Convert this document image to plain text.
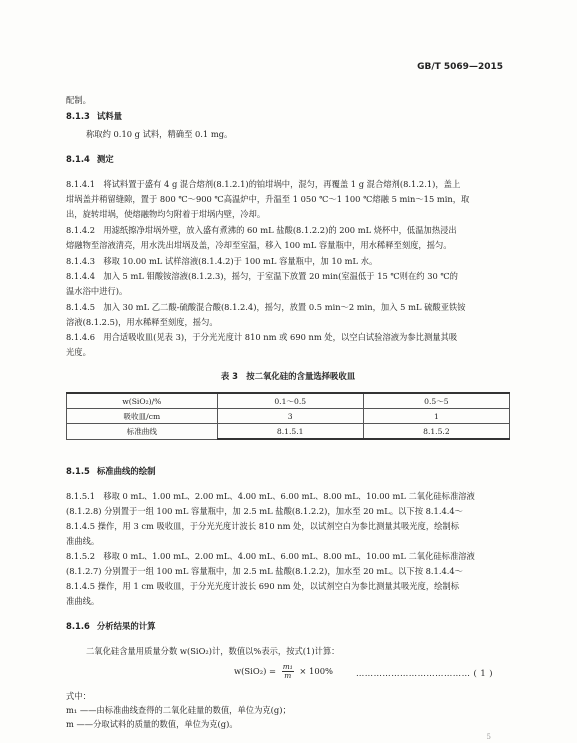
GB/T 5069—2015
配制。
8.1.3 试料量
称取约 0.10 g 试料，精确至 0.1 mg。
8.1.4 测定
8.1.4.1　将试料置于盛有 4 g 混合熔剂(8.1.2.1)的铂坩埚中，混匀，再覆盖 1 g 混合熔剂(8.1.2.1)，盖上
坩埚盖并稍留缝隙，置于 800 ℃～900 ℃高温炉中，升温至 1 050 ℃～1 100 ℃熔融 5 min～15 min，取
出，旋转坩埚，使熔融物均匀附着于坩埚内壁，冷却。
8.1.4.2　用滤纸擦净坩埚外壁，放入盛有煮沸的 60 mL 盐酸(8.1.2.2)的 200 mL 烧杯中，低温加热浸出
熔融物至溶液清亮，用水洗出坩埚及盖，冷却至室温，移入 100 mL 容量瓶中，用水稀释至刻度，摇匀。
8.1.4.3　移取 10.00 mL 试样溶液(8.1.4.2)于 100 mL 容量瓶中，加 10 mL 水。
8.1.4.4　加入 5 mL 钼酸铵溶液(8.1.2.3)，摇匀，于室温下放置 20 min(室温低于 15 ℃则在约 30 ℃的
温水浴中进行)。
8.1.4.5　加入 30 mL 乙二酸-硫酸混合酸(8.1.2.4)，摇匀，放置 0.5 min～2 min，加入 5 mL 硫酸亚铁铵
溶液(8.1.2.5)，用水稀释至刻度，摇匀。
8.1.4.6　用合适吸收皿(见表 3)，于分光光度计 810 nm 或 690 nm 处，以空白试验溶液为参比测量其吸
光度。
表 3　按二氧化硅的含量选择吸收皿
w(SiO₂)/%	0.1～0.5	0.5～5
吸收皿/cm	3	1
标准曲线	8.1.5.1	8.1.5.2
8.1.5 标准曲线的绘制
8.1.5.1　移取 0 mL、1.00 mL、2.00 mL、4.00 mL、6.00 mL、8.00 mL、10.00 mL 二氧化硅标准溶液
(8.1.2.8) 分别置于一组 100 mL 容量瓶中，加 2.5 mL 盐酸(8.1.2.2)，加水至 20 mL。以下按 8.1.4.4～
8.1.4.5 操作，用 3 cm 吸收皿，于分光光度计波长 810 nm 处，以试剂空白为参比测量其吸光度，绘制标
准曲线。
8.1.5.2　移取 0 mL、1.00 mL、2.00 mL、4.00 mL、6.00 mL、8.00 mL、10.00 mL 二氧化硅标准溶液
(8.1.2.7) 分别置于一组 100 mL 容量瓶中，加 2.5 mL 盐酸(8.1.2.2)，加水至 20 mL。以下按 8.1.4.4～
8.1.4.5 操作，用 1 cm 吸收皿，于分光光度计波长 690 nm 处，以试剂空白为参比测量其吸光度，绘制标
准曲线。
8.1.6 分析结果的计算
二氧化硅含量用质量分数 w(SiO₂)计，数值以%表示，按式(1)计算：
$w(SiO_2) = \frac{\text{m₁}}{m} \times 100\%$	………………………………… ( 1 )
式中：
m₁ ——由标准曲线查得的二氧化硅量的数值，单位为克(g)；
m ——分取试料的质量的数值，单位为克(g)。
5
